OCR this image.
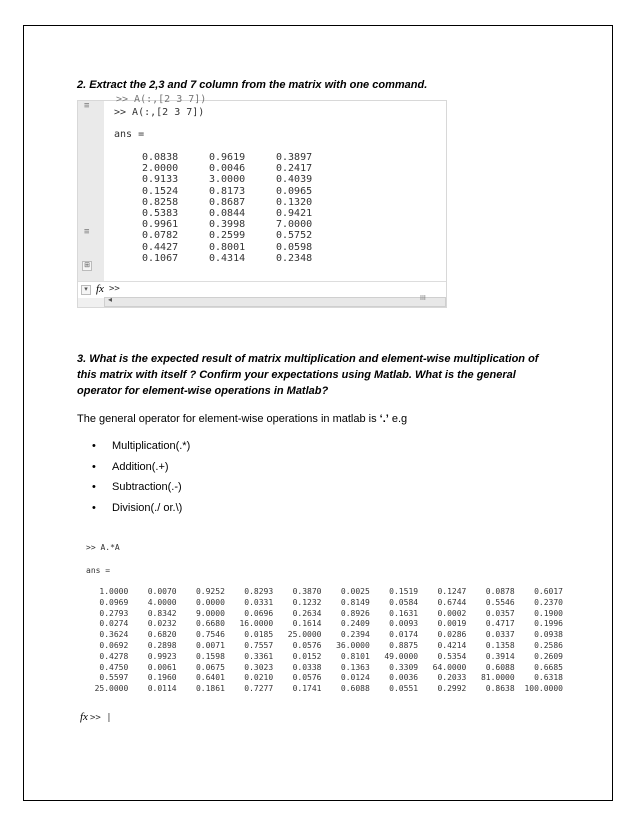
2. Extract the 2,3 and 7 column from the matrix with one command.
≡
≡
⊞
>> A(:,[2 3 7])
>> A(:,[2 3 7])
ans =
0.0838	0.9619	0.3897
2.0000	0.0046	0.2417
0.9133	3.0000	0.4039
0.1524	0.8173	0.0965
0.8258	0.8687	0.1320
0.5383	0.0844	0.9421
0.9961	0.3998	7.0000
0.0782	0.2599	0.5752
0.4427	0.8001	0.0598
0.1067	0.4314	0.2348
▾ fx >>
◂	III
3. What is the expected result of matrix multiplication and element-wise multiplication of this matrix with itself ? Confirm your expectations using Matlab. What is the general operator for element-wise operations in Matlab?
The general operator for element-wise operations in matlab is ‘.’ e.g
• Multiplication(.*)
• Addition(.+)
• Subtraction(.-)
• Division(./ or.\)
>> A.*A
ans =
1.0000	0.0070	0.9252	0.8293	0.3870	0.0025	0.1519	0.1247	0.0878	0.6017
0.0969	4.0000	0.0000	0.0331	0.1232	0.8149	0.0584	0.6744	0.5546	0.2370
0.2793	0.8342	9.0000	0.0696	0.2634	0.8926	0.1631	0.0002	0.0357	0.1900
0.0274	0.0232	0.6680	16.0000	0.1614	0.2409	0.0093	0.0019	0.4717	0.1996
0.3624	0.6820	0.7546	0.0185	25.0000	0.2394	0.0174	0.0286	0.0337	0.0938
0.0692	0.2898	0.0071	0.7557	0.0576	36.0000	0.8875	0.4214	0.1358	0.2586
0.4278	0.9923	0.1598	0.3361	0.0152	0.8101	49.0000	0.5354	0.3914	0.2609
0.4750	0.0061	0.0675	0.3023	0.0338	0.1363	0.3309	64.0000	0.6088	0.6685
0.5597	0.1960	0.6401	0.0210	0.0576	0.0124	0.0036	0.2033	81.0000	0.6318
25.0000	0.0114	0.1861	0.7277	0.1741	0.6088	0.0551	0.2992	0.8638	100.0000
fx >> |
